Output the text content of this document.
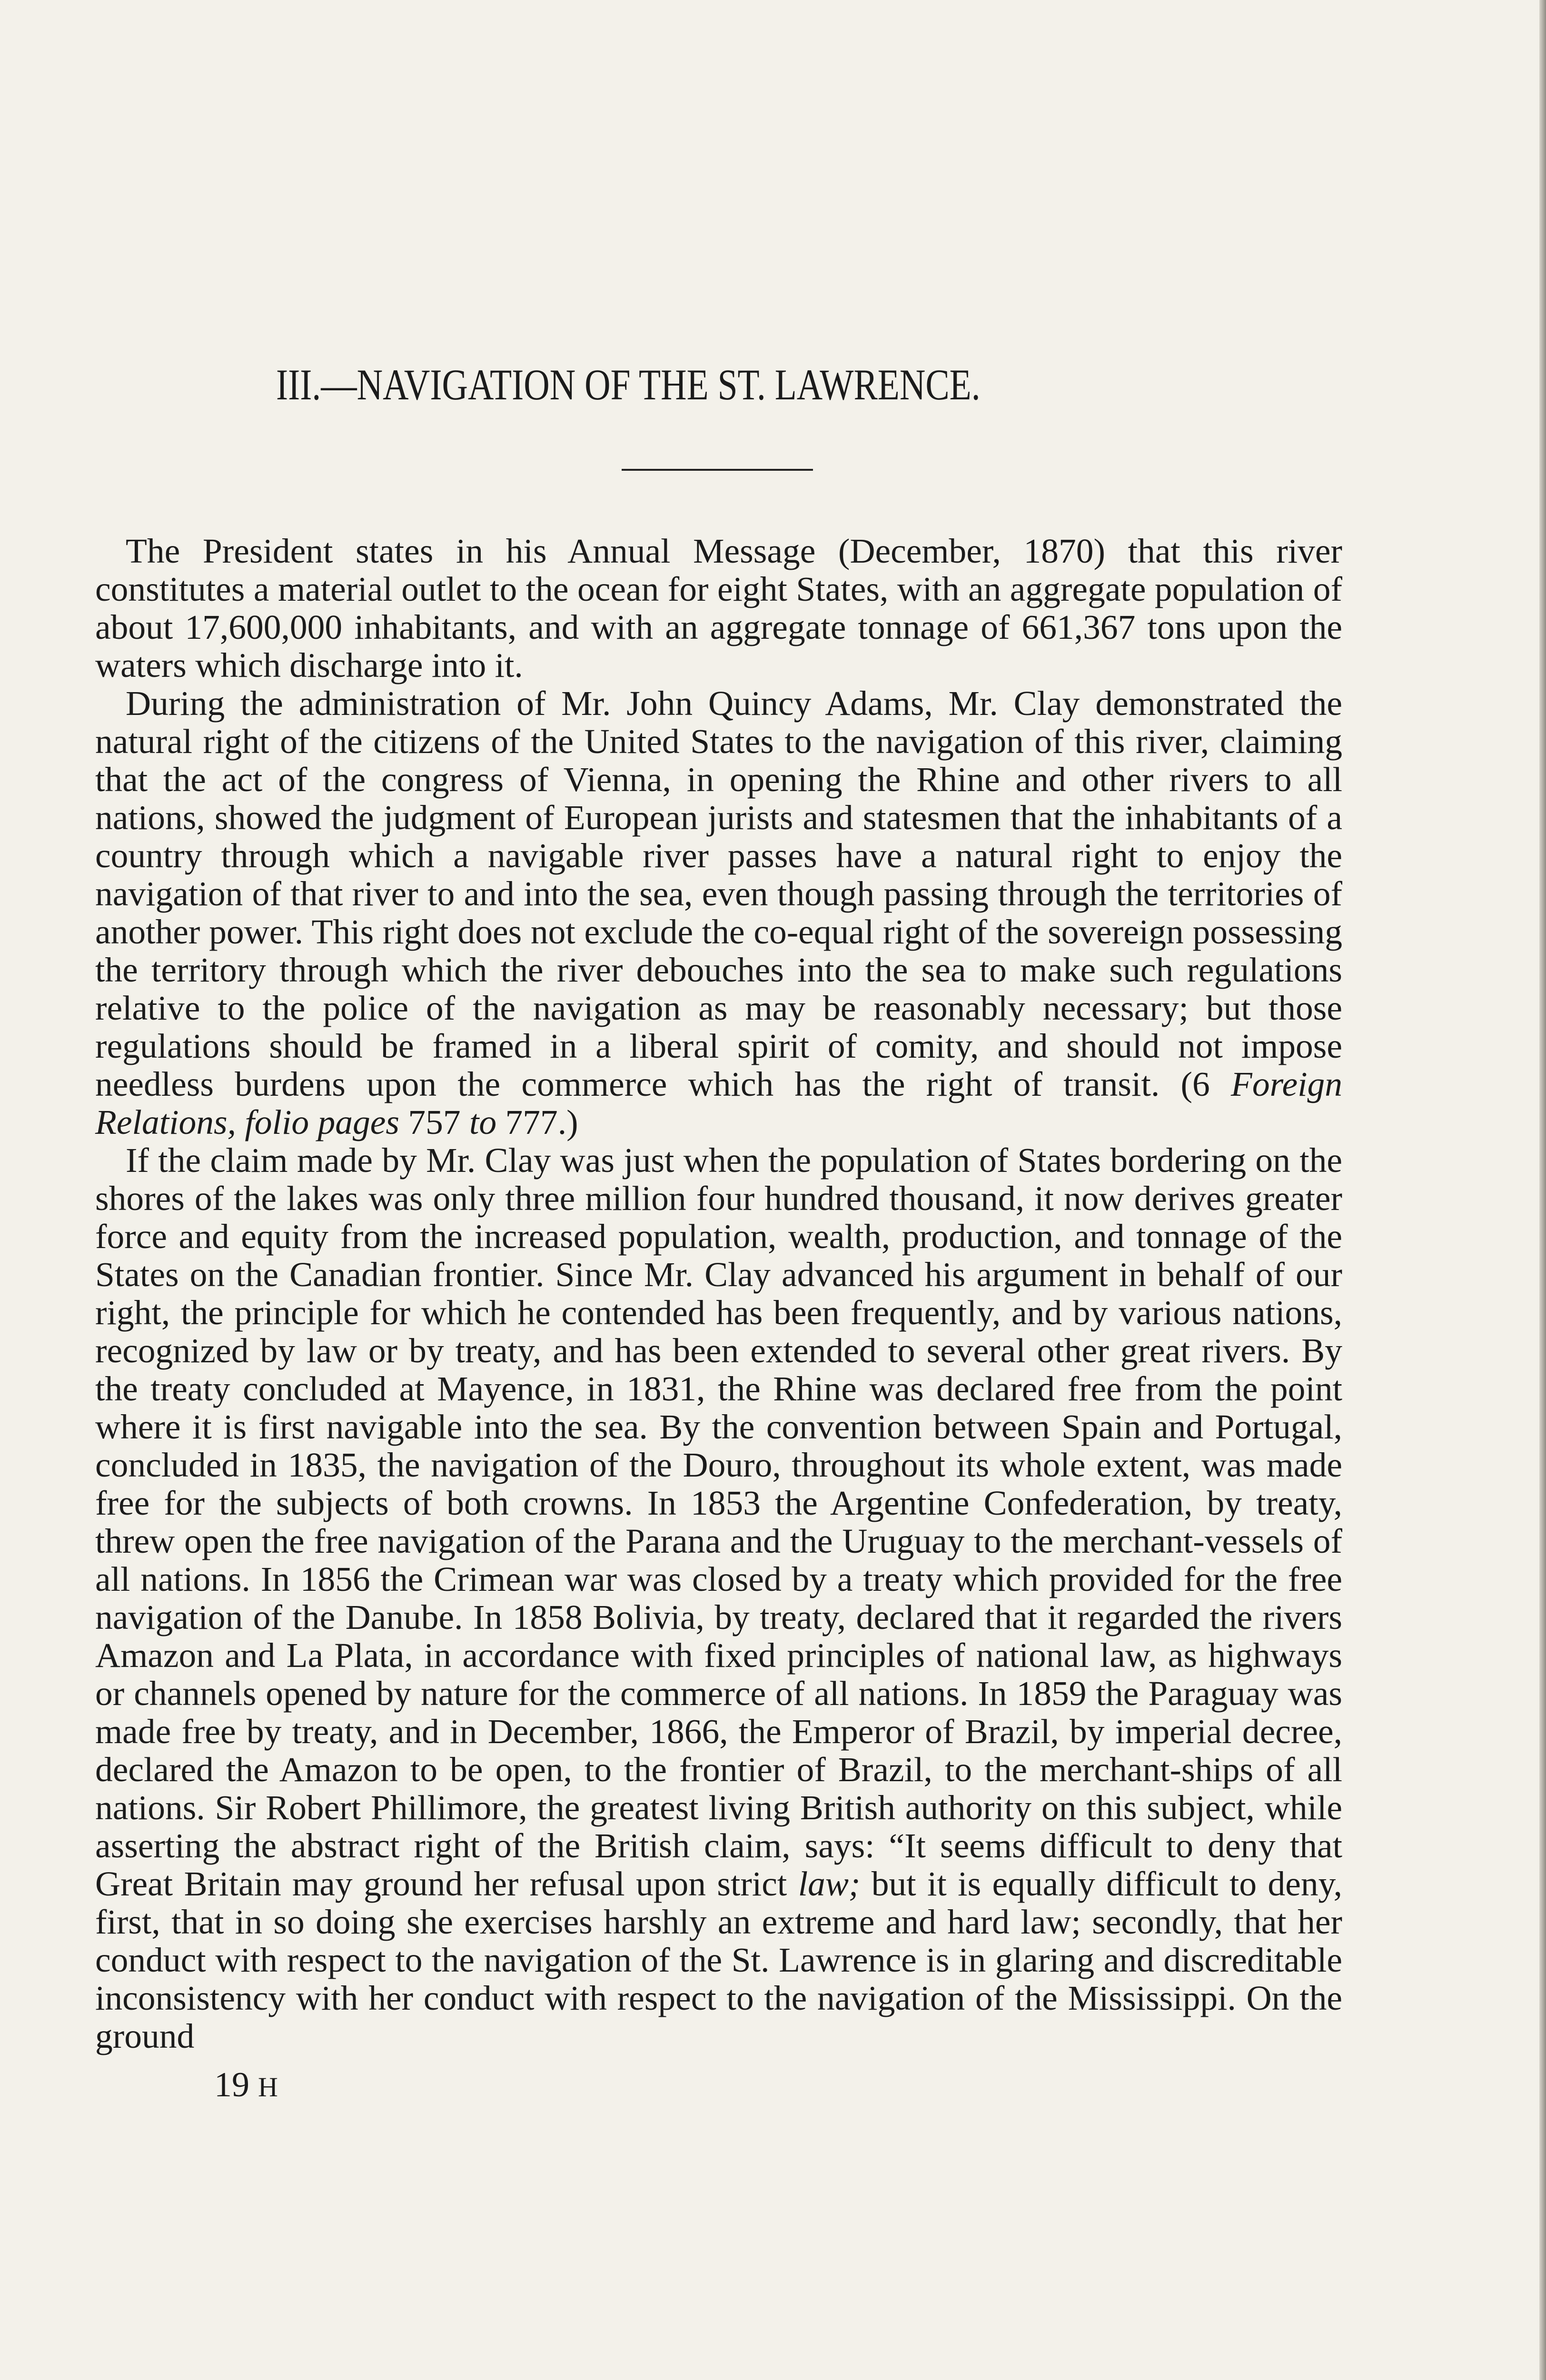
III.—NAVIGATION OF THE ST. LAWRENCE.

The President states in his Annual Message (December, 1870) that this river constitutes a material outlet to the ocean for eight States, with an aggregate population of about 17,600,000 inhabitants, and with an aggregate tonnage of 661,367 tons upon the waters which discharge into it.

During the administration of Mr. John Quincy Adams, Mr. Clay demonstrated the natural right of the citizens of the United States to the navigation of this river, claiming that the act of the congress of Vienna, in opening the Rhine and other rivers to all nations, showed the judgment of European jurists and statesmen that the inhabitants of a country through which a navigable river passes have a natural right to enjoy the navigation of that river to and into the sea, even though passing through the territories of another power. This right does not exclude the co-equal right of the sovereign possessing the territory through which the river debouches into the sea to make such regulations relative to the police of the navigation as may be reasonably necessary; but those regulations should be framed in a liberal spirit of comity, and should not impose needless burdens upon the commerce which has the right of transit. (6 Foreign Relations, folio pages 757 to 777.)

If the claim made by Mr. Clay was just when the population of States bordering on the shores of the lakes was only three million four hundred thousand, it now derives greater force and equity from the increased population, wealth, production, and tonnage of the States on the Canadian frontier. Since Mr. Clay advanced his argument in behalf of our right, the principle for which he contended has been frequently, and by various nations, recognized by law or by treaty, and has been extended to several other great rivers. By the treaty concluded at Mayence, in 1831, the Rhine was declared free from the point where it is first navigable into the sea. By the convention between Spain and Portugal, concluded in 1835, the navigation of the Douro, throughout its whole extent, was made free for the subjects of both crowns. In 1853 the Argentine Confederation, by treaty, threw open the free navigation of the Parana and the Uruguay to the merchant-vessels of all nations. In 1856 the Crimean war was closed by a treaty which provided for the free navigation of the Danube. In 1858 Bolivia, by treaty, declared that it regarded the rivers Amazon and La Plata, in accordance with fixed principles of national law, as highways or channels opened by nature for the commerce of all nations. In 1859 the Paraguay was made free by treaty, and in December, 1866, the Emperor of Brazil, by imperial decree, declared the Amazon to be open, to the frontier of Brazil, to the merchant-ships of all nations. Sir Robert Phillimore, the greatest living British authority on this subject, while asserting the abstract right of the British claim, says: “It seems difficult to deny that Great Britain may ground her refusal upon strict law; but it is equally difficult to deny, first, that in so doing she exercises harshly an extreme and hard law; secondly, that her conduct with respect to the navigation of the St. Lawrence is in glaring and discreditable inconsistency with her conduct with respect to the navigation of the Mississippi. On the ground

19 H
